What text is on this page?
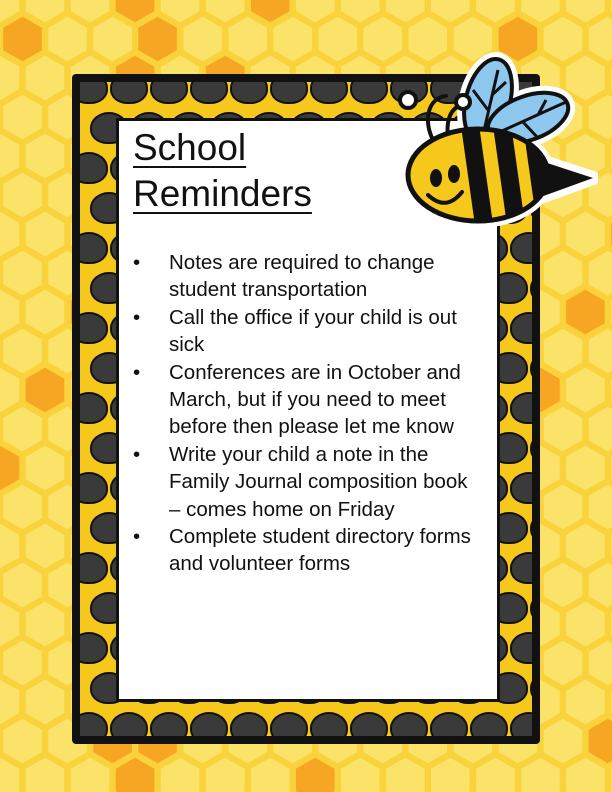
School
Reminders
• Notes are required to change student transportation
• Call the office if your child is out sick
• Conferences are in October and March, but if you need to meet before then please let me know
• Write your child a note in the Family Journal composition book – comes home on Friday
• Complete student directory forms and volunteer forms
